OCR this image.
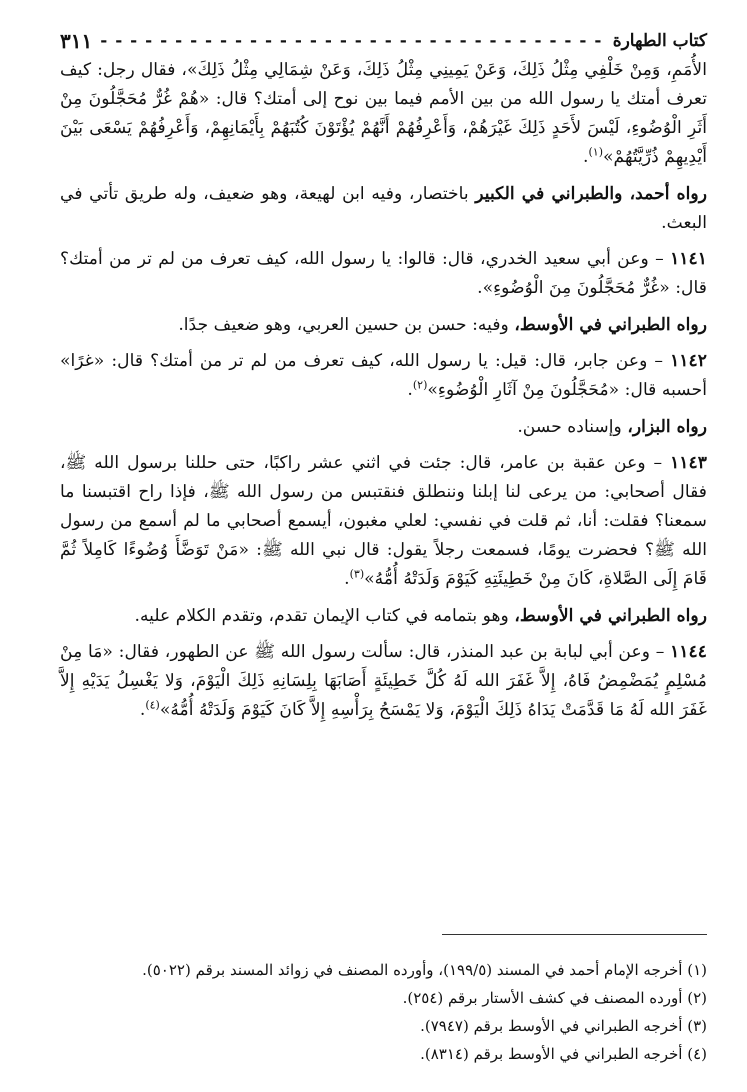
كتاب الطهارة
- - -
٣١١

الأُمَمِ، وَمِنْ خَلْفِي مِثْلُ ذَلِكَ، وَعَنْ يَمِينِي مِثْلُ ذَلِكَ، وَعَنْ شِمَالِي مِثْلُ ذَلِكَ»، فقال رجل: كيف تعرف أمتك يا رسول الله من بين الأمم فيما بين نوح إلى أمتك؟ قال: «هُمْ غُرٌّ مُحَجَّلُونَ مِنْ أَثَرِ الْوُضُوءِ، لَيْسَ لأَحَدٍ ذَلِكَ غَيْرَهُمْ، وَأَعْرِفُهُمْ أَنَّهُمْ يُؤْتَوْنَ كُتُبَهُمْ بِأَيْمَانِهِمْ، وَأَعْرِفُهُمْ يَسْعَى بَيْنَ أَيْدِيهِمْ ذُرِّيَّتُهُمْ»$^{(١)}$.

رواه أحمد، والطبراني في الكبير باختصار، وفيه ابن لهيعة، وهو ضعيف، وله طريق تأتي في البعث.

١١٤١ – وعن أبي سعيد الخدري، قال: قالوا: يا رسول الله، كيف تعرف من لم تر من أمتك؟ قال: «غُرٌّ مُحَجَّلُونَ مِنَ الْوُضُوءِ».

رواه الطبراني في الأوسط، وفيه: حسن بن حسين العربي، وهو ضعيف جدًا.

١١٤٢ – وعن جابر، قال: قيل: يا رسول الله، كيف تعرف من لم تر من أمتك؟ قال: «غرًا» أحسبه قال: «مُحَجَّلُونَ مِنْ آثَارِ الْوُضُوءِ»$^{(٢)}$.

رواه البزار، وإسناده حسن.

١١٤٣ – وعن عقبة بن عامر، قال: جئت في اثني عشر راكبًا، حتى حللنا برسول الله ﷺ، فقال أصحابي: من يرعى لنا إبلنا وننطلق فنقتبس من رسول الله ﷺ، فإذا راح اقتبسنا ما سمعنا؟ فقلت: أنا، ثم قلت في نفسي: لعلي مغبون، أيسمع أصحابي ما لم أسمع من رسول الله ﷺ؟ فحضرت يومًا، فسمعت رجلاً يقول: قال نبي الله ﷺ: «مَنْ تَوَضَّأَ وُضُوءًا كَامِلاً ثُمَّ قَامَ إِلَى الصَّلاةِ، كَانَ مِنْ خَطِيئَتِهِ كَيَوْمَ وَلَدَتْهُ أُمُّهُ»$^{(٣)}$.

رواه الطبراني في الأوسط، وهو بتمامه في كتاب الإيمان تقدم، وتقدم الكلام عليه.

١١٤٤ – وعن أبي لبابة بن عبد المنذر، قال: سألت رسول الله ﷺ عن الطهور، فقال: «مَا مِنْ مُسْلِمٍ يُمَضْمِضُ فَاهُ، إِلاَّ غَفَرَ الله لَهُ كُلَّ خَطِيئَةٍ أَصَابَهَا بِلِسَانِهِ ذَلِكَ الْيَوْمَ، وَلا يَغْسِلُ يَدَيْهِ إِلاَّ غَفَرَ الله لَهُ مَا قَدَّمَتْ يَدَاهُ ذَلِكَ الْيَوْمَ، وَلا يَمْسَحُ بِرَأْسِهِ إِلاَّ كَانَ كَيَوْمَ وَلَدَتْهُ أُمُّهُ»$^{(٤)}$.

(١) أخرجه الإمام أحمد في المسند (١٩٩/٥)، وأورده المصنف في زوائد المسند برقم (٥٠٢٢).
(٢) أورده المصنف في كشف الأستار برقم (٢٥٤).
(٣) أخرجه الطبراني في الأوسط برقم (٧٩٤٧).
(٤) أخرجه الطبراني في الأوسط برقم (٨٣١٤).
